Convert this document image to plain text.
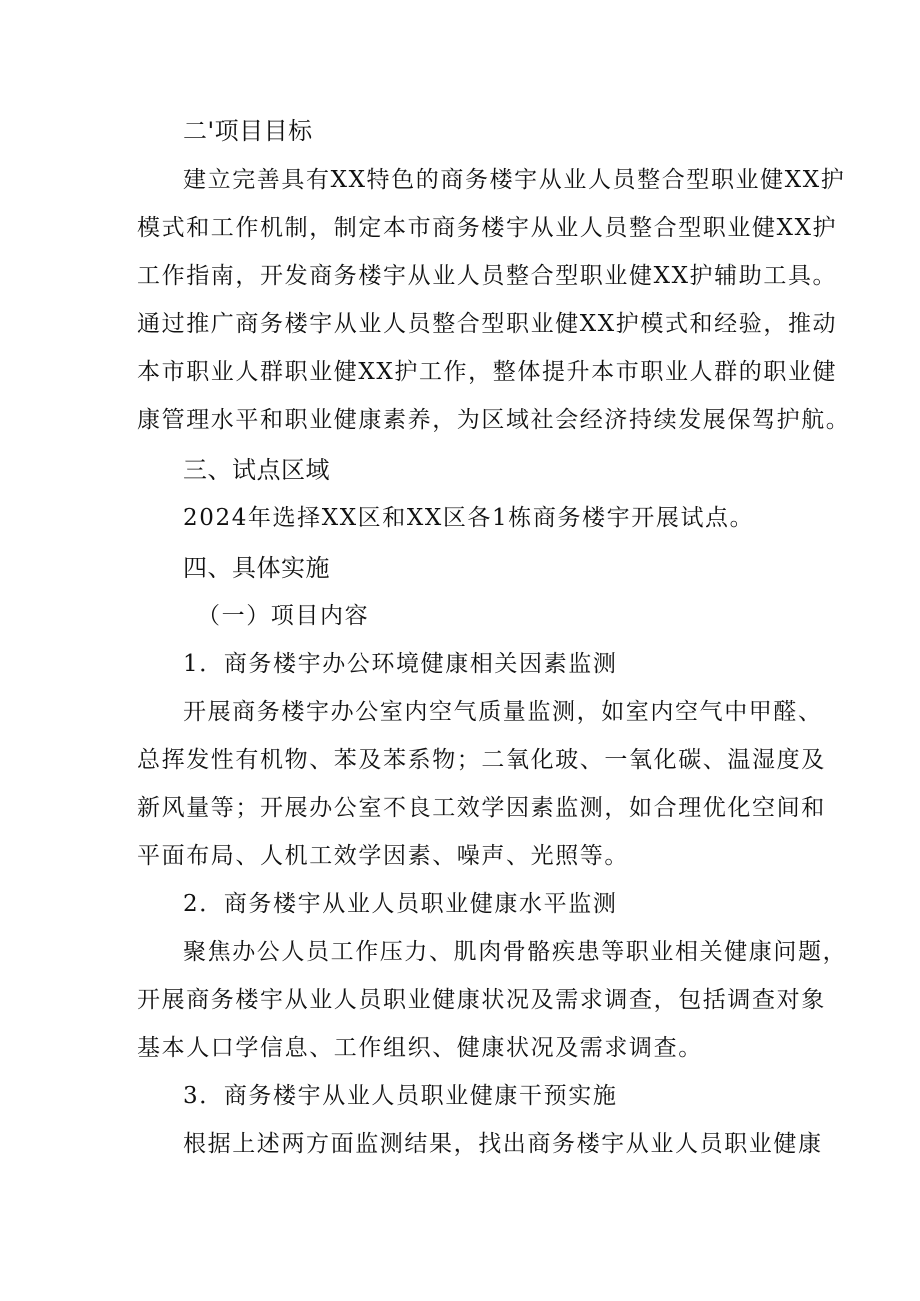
二'项目目标
建立完善具有XX特色的商务楼宇从业人员整合型职业健XX护
模式和工作机制，制定本市商务楼宇从业人员整合型职业健XX护
工作指南，开发商务楼宇从业人员整合型职业健XX护辅助工具。
通过推广商务楼宇从业人员整合型职业健XX护模式和经验，推动
本市职业人群职业健XX护工作，整体提升本市职业人群的职业健
康管理水平和职业健康素养，为区域社会经济持续发展保驾护航。
三、试点区域
2024年选择XX区和XX区各1栋商务楼宇开展试点。
四、具体实施
（一）项目内容
1．商务楼宇办公环境健康相关因素监测
开展商务楼宇办公室内空气质量监测，如室内空气中甲醛、
总挥发性有机物、苯及苯系物；二氧化玻、一氧化碳、温湿度及
新风量等；开展办公室不良工效学因素监测，如合理优化空间和
平面布局、人机工效学因素、噪声、光照等。
2．商务楼宇从业人员职业健康水平监测
聚焦办公人员工作压力、肌肉骨骼疾患等职业相关健康问题，
开展商务楼宇从业人员职业健康状况及需求调查，包括调查对象
基本人口学信息、工作组织、健康状况及需求调查。
3．商务楼宇从业人员职业健康干预实施
根据上述两方面监测结果，找出商务楼宇从业人员职业健康
